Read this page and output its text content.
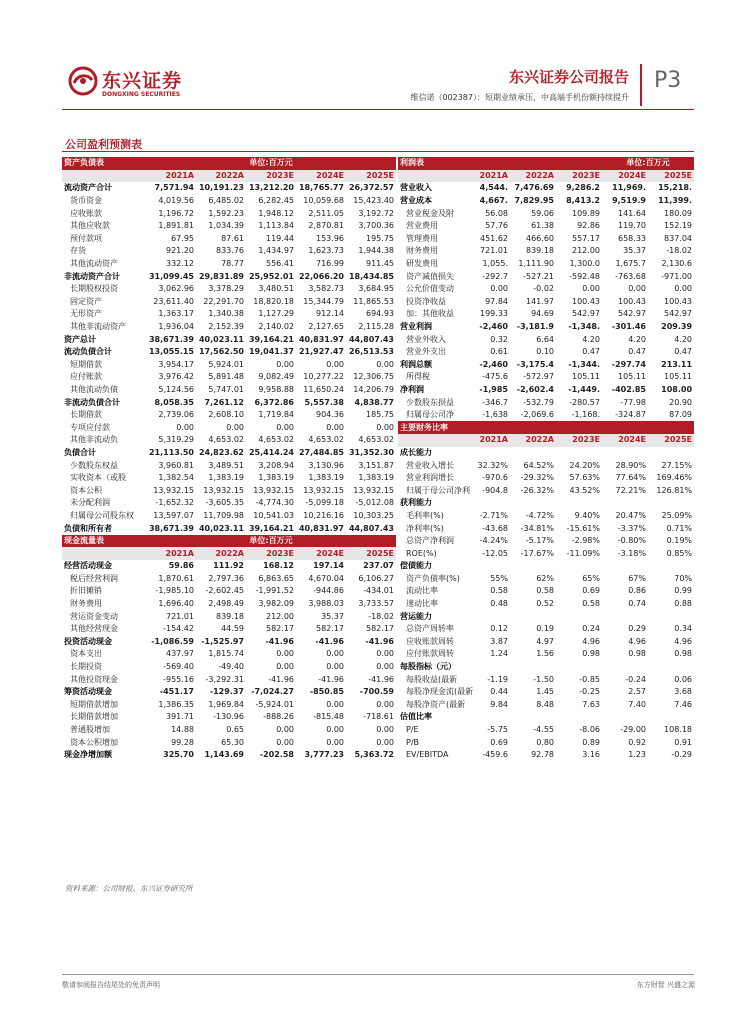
东兴证券
DONGXING SECURITIES
东兴证券公司报告
维信诺（002387）：短期业绩承压，中高端手机份额持续提升
P3
公司盈利预测表
资产负债表		单位:百万元			
	2021A	2022A	2023E	2024E	2025E
流动资产合计	7,571.94	10,191.23	13,212.20	18,765.77	26,372.57
货币资金	4,019.56	6,485.02	6,282.45	10,059.68	15,423.40
应收账款	1,196.72	1,592.23	1,948.12	2,511.05	3,192.72
其他应收款	1,891.81	1,034.39	1,113.84	2,870.81	3,700.36
预付款项	67.95	87.61	119.44	153.96	195.75
存货	921.20	833.76	1,434.97	1,623.73	1,944.38
其他流动资产	332.12	78.77	556.41	716.99	911.45
非流动资产合计	31,099.45	29,831.89	25,952.01	22,066.20	18,434.85
长期股权投资	3,062.96	3,378.29	3,480.51	3,582.73	3,684.95
固定资产	23,611.40	22,291.70	18,820.18	15,344.79	11,865.53
无形资产	1,363.17	1,340.38	1,127.29	912.14	694.93
其他非流动资产	1,936.04	2,152.39	2,140.02	2,127.65	2,115.28
资产总计	38,671.39	40,023.11	39,164.21	40,831.97	44,807.43
流动负债合计	13,055.15	17,562.50	19,041.37	21,927.47	26,513.53
短期借款	3,954.17	5,924.01	0.00	0.00	0.00
应付账款	3,976.42	5,891.48	9,082.49	10,277.22	12,306.75
其他流动负债	5,124.56	5,747.01	9,958.88	11,650.24	14,206.79
非流动负债合计	8,058.35	7,261.12	6,372.86	5,557.38	4,838.77
长期借款	2,739.06	2,608.10	1,719.84	904.36	185.75
专项应付款	0.00	0.00	0.00	0.00	0.00
其他非流动负	5,319.29	4,653.02	4,653.02	4,653.02	4,653.02
负债合计	21,113.50	24,823.62	25,414.24	27,484.85	31,352.30
少数股东权益	3,960.81	3,489.51	3,208.94	3,130.96	3,151.87
实收资本（或股	1,382.54	1,383.19	1,383.19	1,383.19	1,383.19
资本公积	13,932.15	13,932.15	13,932.15	13,932.15	13,932.15
未分配利润	-1,652.32	-3,605.35	-4,774.30	-5,099.18	-5,012.08
归属母公司股东权	13,597.07	11,709.98	10,541.03	10,216.16	10,303.25
负债和所有者	38,671.39	40,023.11	39,164.21	40,831.97	44,807.43
现金流量表		单位:百万元			
	2021A	2022A	2023E	2024E	2025E
经营活动现金	59.86	111.92	168.12	197.14	237.07
税后经营利润	1,870.61	2,797.36	6,863.65	4,670.04	6,106.27
折旧摊销	-1,985.10	-2,602.45	-1,991.52	-944.86	-434.01
财务费用	1,696.40	2,498.49	3,982.09	3,988.03	3,733.57
营运资金变动	721.01	839.18	212.00	35.37	-18.02
其他经营现金	-154.42	44.59	582.17	582.17	582.17
投资活动现金	-1,086.59	-1,525.97	-41.96	-41.96	-41.96
资本支出	437.97	1,815.74	0.00	0.00	0.00
长期投资	-569.40	-49.40	0.00	0.00	0.00
其他投资现金	-955.16	-3,292.31	-41.96	-41.96	-41.96
筹资活动现金	-451.17	-129.37	-7,024.27	-850.85	-700.59
短期借款增加	1,386.35	1,969.84	-5,924.01	0.00	0.00
长期借款增加	391.71	-130.96	-888.26	-815.48	-718.61
普通股增加	14.88	0.65	0.00	0.00	0.00
资本公积增加	99.28	65.30	0.00	0.00	0.00
现金净增加额	325.70	1,143.69	-202.58	3,777.23	5,363.72
利润表				单位:百万元	
	2021A	2022A	2023E	2024E	2025E
营业收入	4,544.	7,476.69	9,286.2	11,969.	15,218.
营业成本	4,667.	7,829.95	8,413.2	9,519.9	11,399.
营业税金及附	56.08	59.06	109.89	141.64	180.09
营业费用	57.76	61.38	92.86	119.70	152.19
管理费用	451.62	466.60	557.17	658.33	837.04
财务费用	721.01	839.18	212.00	35.37	-18.02
研发费用	1,055.	1,111.90	1,300.0	1,675.7	2,130.6
资产减值损失	-292.7	-527.21	-592.48	-763.68	-971.00
公允价值变动	0.00	-0.02	0.00	0.00	0.00
投资净收益	97.84	141.97	100.43	100.43	100.43
加：其他收益	199.33	94.69	542.97	542.97	542.97
营业利润	-2,460	-3,181.9	-1,348.	-301.46	209.39
营业外收入	0.32	6.64	4.20	4.20	4.20
营业外支出	0.61	0.10	0.47	0.47	0.47
利润总额	-2,460	-3,175.4	-1,344.	-297.74	213.11
所得税	-475.6	-572.97	105.11	105.11	105.11
净利润	-1,985	-2,602.4	-1,449.	-402.85	108.00
少数股东损益	-346.7	-532.79	-280.57	-77.98	20.90
归属母公司净	-1,638	-2,069.6	-1,168.	-324.87	87.09
主要财务比率					
	2021A	2022A	2023E	2024E	2025E
成长能力					
营业收入增长	32.32%	64.52%	24.20%	28.90%	27.15%
营业利润增长	-970.6	-29.32%	57.63%	77.64%	169.46%
归属于母公司净利	-904.8	-26.32%	43.52%	72.21%	126.81%
获利能力					
毛利率(%)	-2.71%	-4.72%	9.40%	20.47%	25.09%
净利率(%)	-43.68	-34.81%	-15.61%	-3.37%	0.71%
总资产净利润	-4.24%	-5.17%	-2.98%	-0.80%	0.19%
ROE(%)	-12.05	-17.67%	-11.09%	-3.18%	0.85%
偿债能力					
资产负债率(%)	55%	62%	65%	67%	70%
流动比率	0.58	0.58	0.69	0.86	0.99
速动比率	0.48	0.52	0.58	0.74	0.88
营运能力					
总资产周转率	0.12	0.19	0.24	0.29	0.34
应收账款周转	3.87	4.97	4.96	4.96	4.96
应付账款周转	1.24	1.56	0.98	0.98	0.98
每股指标（元）					
每股收益(最新	-1.19	-1.50	-0.85	-0.24	0.06
每股净现金流(最新	0.44	1.45	-0.25	2.57	3.68
每股净资产(最新	9.84	8.48	7.63	7.40	7.46
估值比率					
P/E	-5.75	-4.55	-8.06	-29.00	108.18
P/B	0.69	0.80	0.89	0.92	0.91
EV/EBITDA	-459.6	92.78	3.16	1.23	-0.29
资料来源：公司财报、东兴证券研究所
敬请参阅报告结尾处的免责声明	东方财智 兴盛之源
